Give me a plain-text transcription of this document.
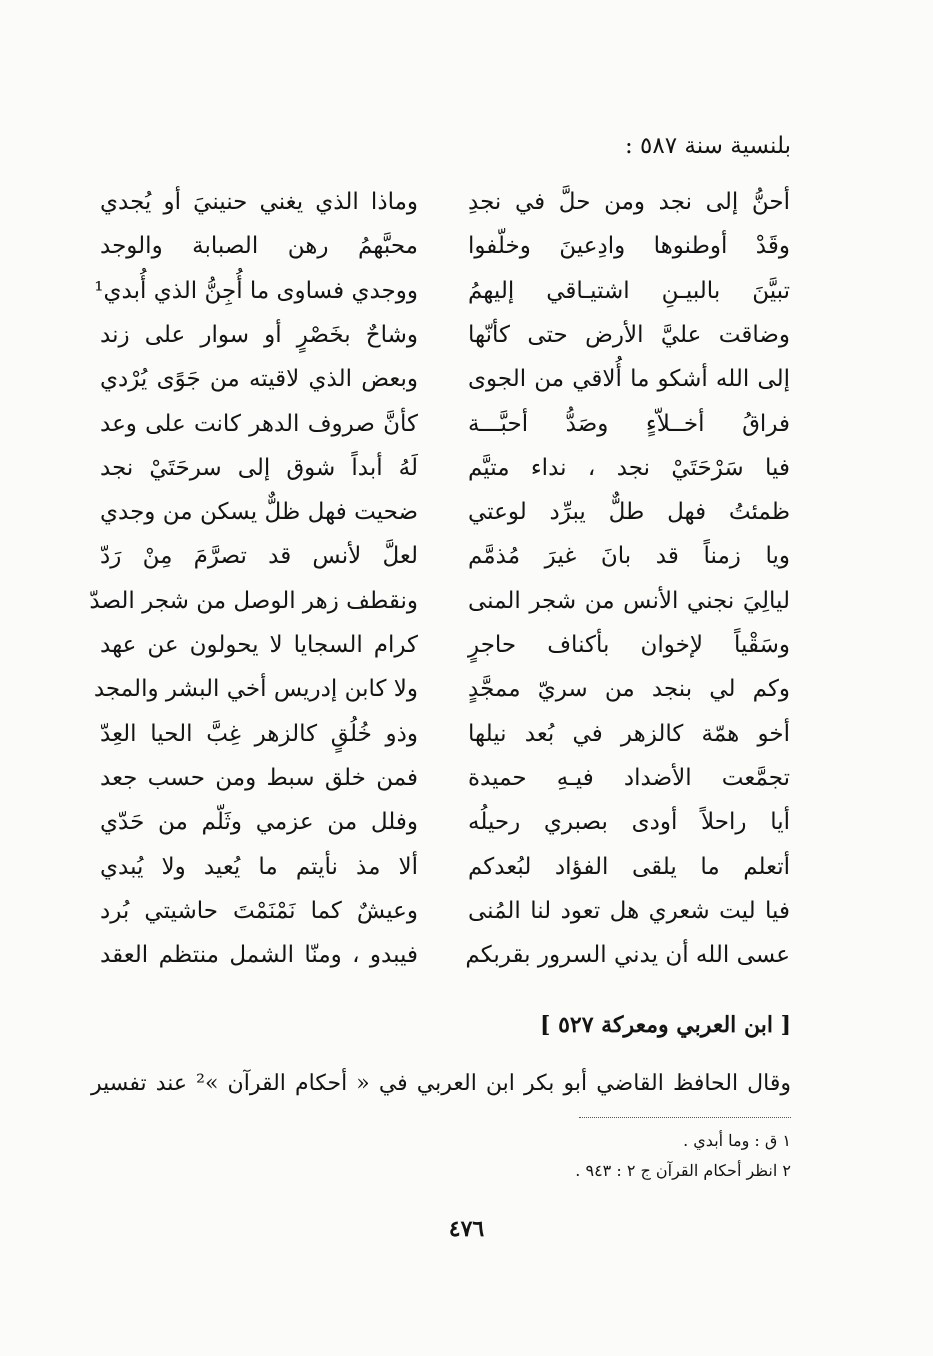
بلنسية سنة ٥٨٧ :
أحنُّ إلى نجد ومن حلَّ في نجدِ
وماذا الذي يغني حنينيَ أو يُجدي
وقَدْ أوطنوها وادِعينَ وخلّفوا
محبَّهمُ رهن الصبابة والوجد
تبيَّنَ بالبيـنِ اشتيـاقي إليهمُ
ووجدي فساوى ما أُجِنُّ الذي أُبدي¹
وضاقت عليَّ الأرض حتى كأنّها
وشاحٌ بخَصْرٍ أو سوار على زند
إلى الله أشكو ما أُلاقي من الجوى
وبعض الذي لاقيته من جَوًى يُرْدي
فراقُ أخــلاّءٍ وصَدُّ أحبَّـــة
كأنَّ صروف الدهر كانت على وعد
فيا سَرْحَتَيْ نجد ، نداء متيَّم
لَهُ أبداً شوق إلى سرحَتَيْ نجد
ظمئتُ فهل طلٌّ يبرِّد لوعتي
ضحيت فهل ظلٌّ يسكن من وجدي
ويا زمناً قد بانَ غيرَ مُذمَّم
لعلَّ لأنس قد تصرَّمَ مِنْ رَدّ
ليالِيَ نجني الأنس من شجر المنى
ونقطف زهر الوصل من شجر الصدّ
وسَقْياً لإخوان بأكناف حاجرٍ
كرام السجايا لا يحولون عن عهد
وكم لي بنجد من سريّ ممجَّدٍ
ولا كابن إدريس أخي البشر والمجد
أخو همّة كالزهر في بُعد نيلها
وذو خُلُقٍ كالزهر غِبَّ الحيا العِدّ
تجمَّعت الأضداد فيـهِ حميدة
فمن خلق سبط ومن حسب جعد
أيا راحلاً أودى بصبري رحيلُه
وفلل من عزمي وثَلّم من حَدّي
أتعلم ما يلقى الفؤاد لبُعدكم
ألا مذ نأيتم ما يُعيد ولا يُبدي
فيا ليت شعري هل تعود لنا المُنى
وعيشٌ كما نَمْنَمْتَ حاشيتي بُرد
عسى الله أن يدني السرور بقربكم
فيبدو ، ومنّا الشمل منتظم العقد
[ ابن العربي ومعركة ٥٢٧ ]
وقال الحافظ القاضي أبو بكر ابن العربي في « أحكام القرآن »² عند تفسير
١ ق : وما أبدي .
٢ انظر أحكام القرآن ج ٢ : ٩٤٣ .
٤٧٦
